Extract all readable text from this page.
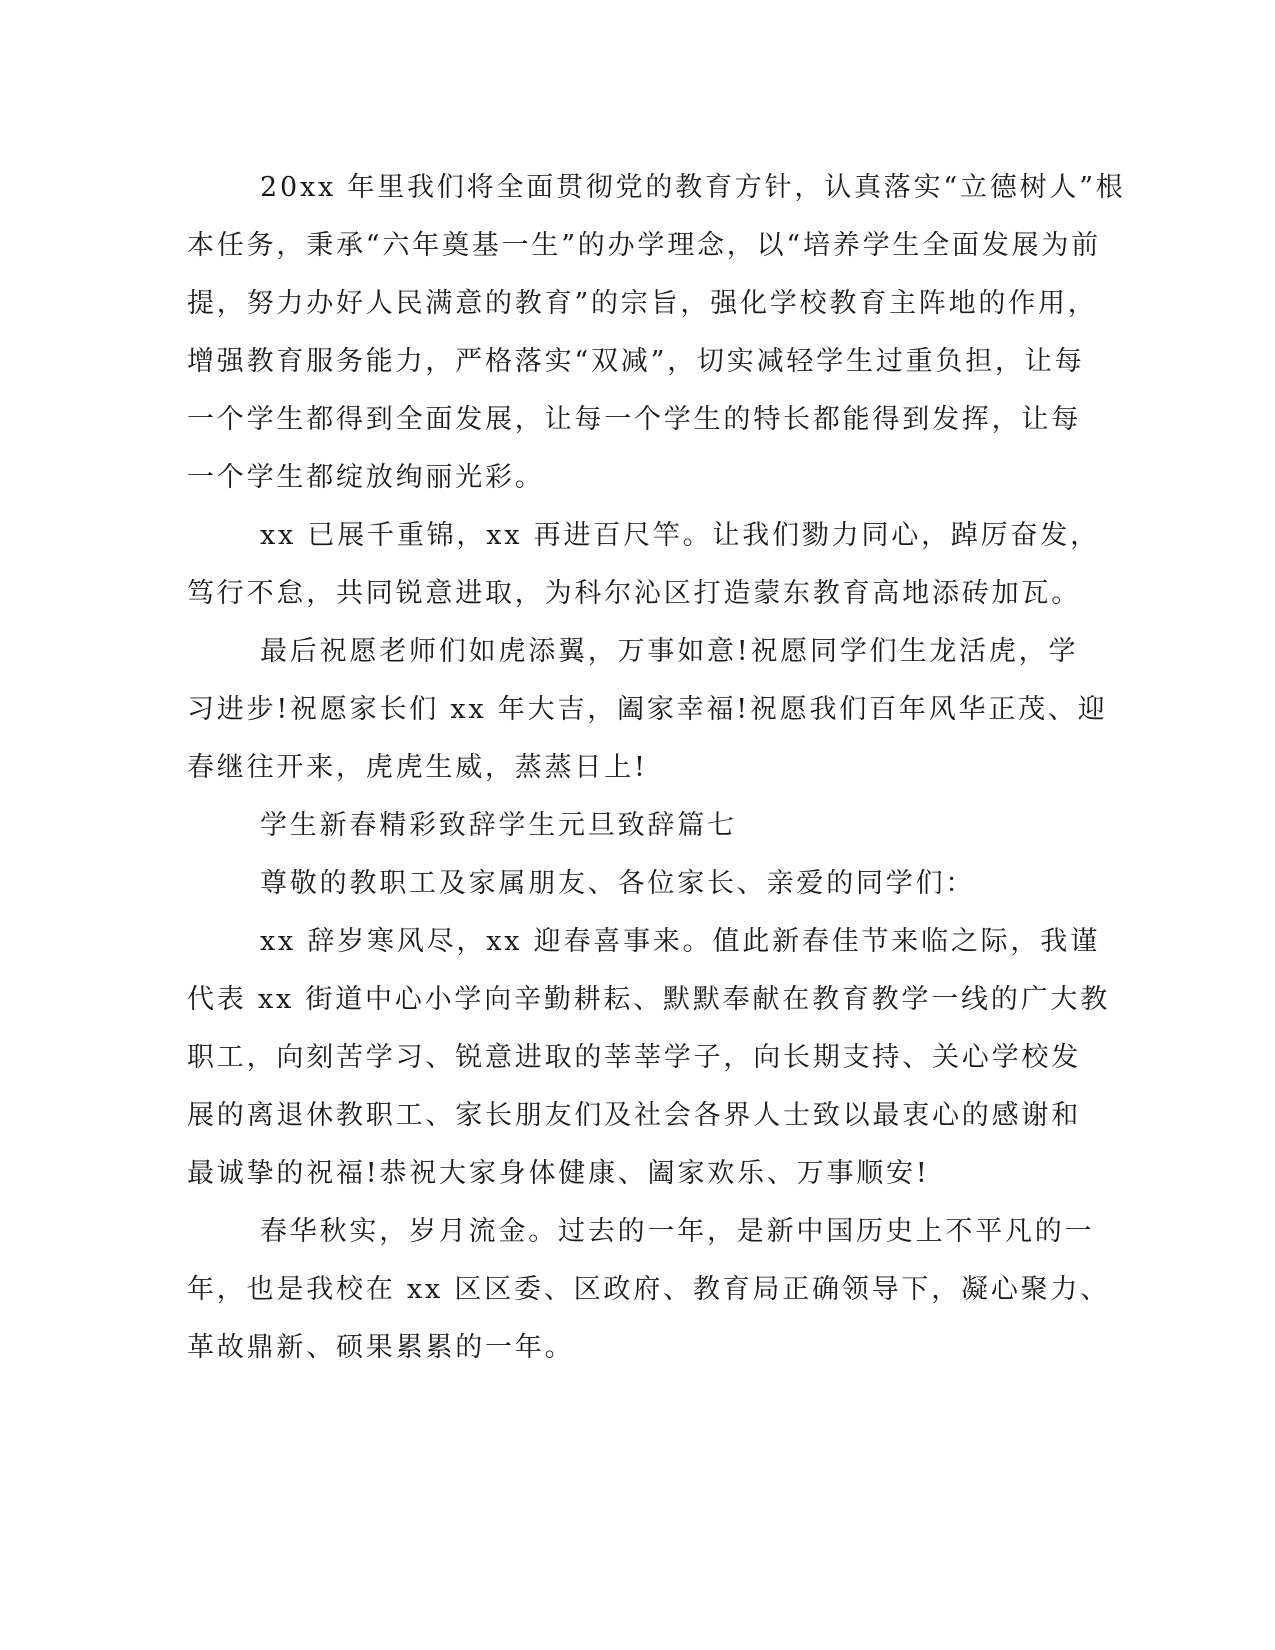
20xx 年里我们将全面贯彻党的教育方针，认真落实“立德树人”根
本任务，秉承“六年奠基一生”的办学理念，以“培养学生全面发展为前
提，努力办好人民满意的教育”的宗旨，强化学校教育主阵地的作用，
增强教育服务能力，严格落实“双减”，切实减轻学生过重负担，让每
一个学生都得到全面发展，让每一个学生的特长都能得到发挥，让每
一个学生都绽放绚丽光彩。
xx 已展千重锦，xx 再进百尺竿。让我们勠力同心，踔厉奋发，
笃行不怠，共同锐意进取，为科尔沁区打造蒙东教育高地添砖加瓦。
最后祝愿老师们如虎添翼，万事如意!祝愿同学们生龙活虎，学
习进步!祝愿家长们 xx 年大吉，阖家幸福!祝愿我们百年风华正茂、迎
春继往开来，虎虎生威，蒸蒸日上!
学生新春精彩致辞学生元旦致辞篇七
尊敬的教职工及家属朋友、各位家长、亲爱的同学们：
xx 辞岁寒风尽，xx 迎春喜事来。值此新春佳节来临之际，我谨
代表 xx 街道中心小学向辛勤耕耘、默默奉献在教育教学一线的广大教
职工，向刻苦学习、锐意进取的莘莘学子，向长期支持、关心学校发
展的离退休教职工、家长朋友们及社会各界人士致以最衷心的感谢和
最诚挚的祝福!恭祝大家身体健康、阖家欢乐、万事顺安!
春华秋实，岁月流金。过去的一年，是新中国历史上不平凡的一
年，也是我校在 xx 区区委、区政府、教育局正确领导下，凝心聚力、
革故鼎新、硕果累累的一年。
